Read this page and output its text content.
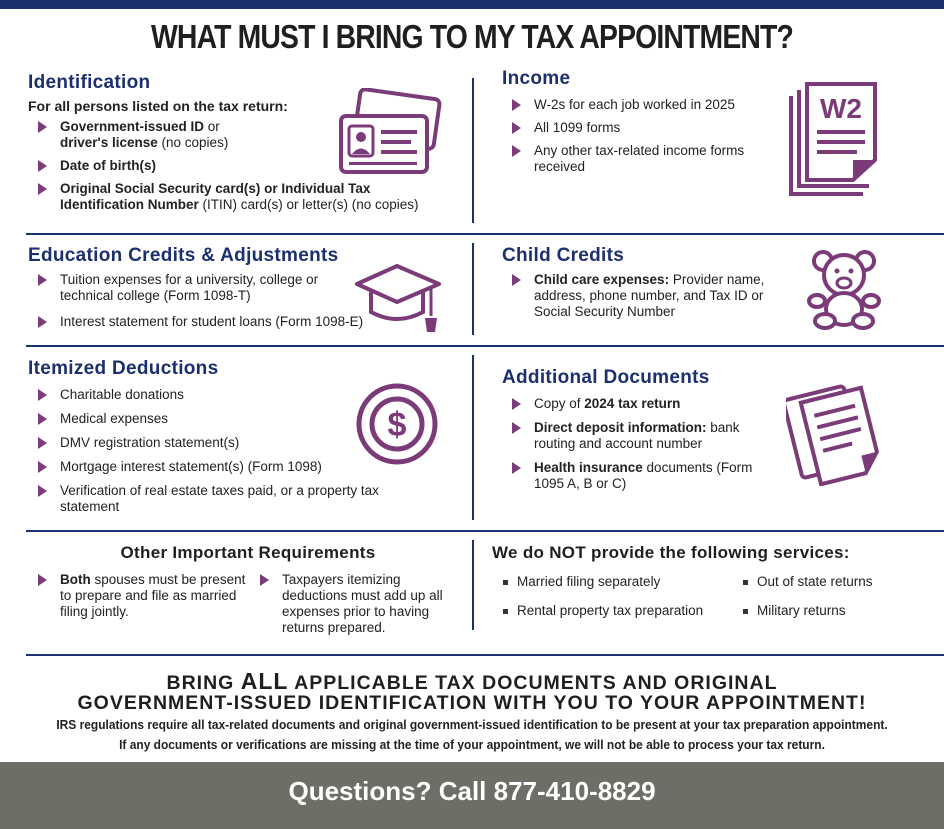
WHAT MUST I BRING TO MY TAX APPOINTMENT?
Identification
For all persons listed on the tax return:
Government-issued ID or
driver's license (no copies)
Date of birth(s)
Original Social Security card(s) or Individual Tax Identification Number (ITIN) card(s) or letter(s) (no copies)
Income
W-2s for each job worked in 2025
All 1099 forms
Any other tax-related income forms received
W2
Education Credits & Adjustments
Tuition expenses for a university, college or technical college (Form 1098-T)
Interest statement for student loans (Form 1098-E)
Child Credits
Child care expenses: Provider name, address, phone number, and Tax ID or Social Security Number
Itemized Deductions
Charitable donations
Medical expenses
DMV registration statement(s)
Mortgage interest statement(s) (Form 1098)
Verification of real estate taxes paid, or a property tax statement
$
Additional Documents
Copy of 2024 tax return
Direct deposit information: bank routing and account number
Health insurance documents (Form 1095 A, B or C)
Other Important Requirements
Both spouses must be present to prepare and file as married filing jointly.
Taxpayers itemizing deductions must add up all expenses prior to having returns prepared.
We do NOT provide the following services:
Married filing separately	Out of state returns
Rental property tax preparation	Military returns
BRING ALL APPLICABLE TAX DOCUMENTS AND ORIGINAL
GOVERNMENT-ISSUED IDENTIFICATION WITH YOU TO YOUR APPOINTMENT!
IRS regulations require all tax-related documents and original government-issued identification to be present at your tax preparation appointment.
If any documents or verifications are missing at the time of your appointment, we will not be able to process your tax return.
Questions? Call 877-410-8829
